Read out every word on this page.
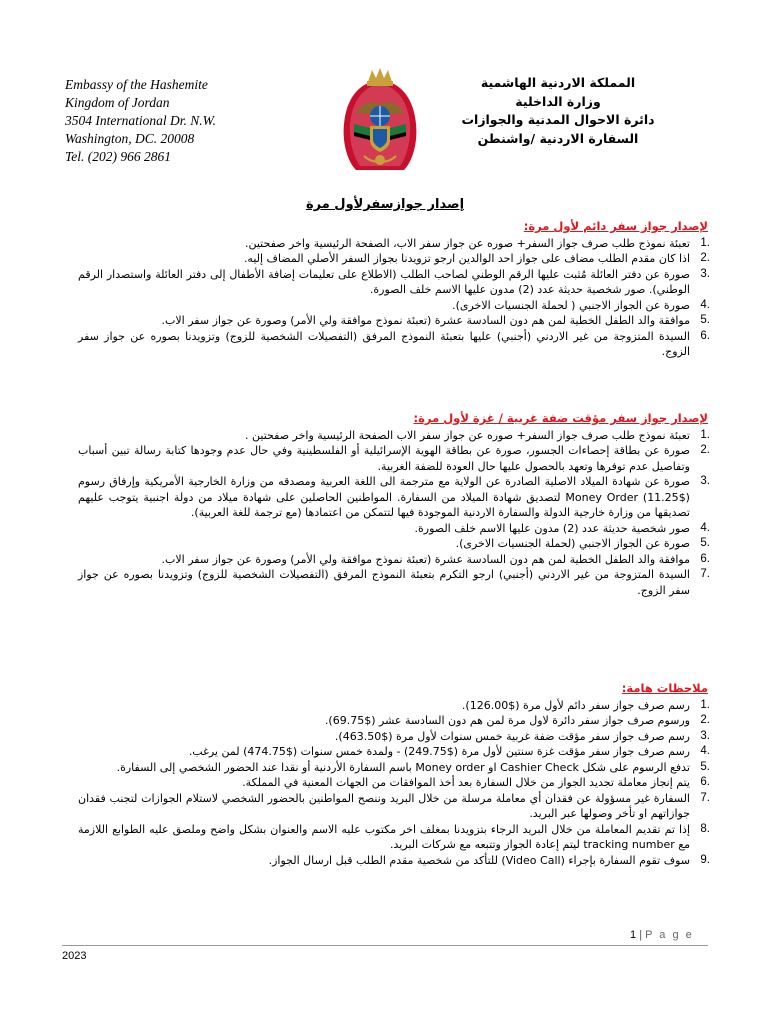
Embassy of the Hashemite
Kingdom of Jordan
3504 International Dr. N.W.
Washington, DC. 20008
Tel. (202) 966 2861
المملكة الاردنية الهاشمية
وزارة الداخلية
دائرة الاحوال المدنية والجوازات
السفارة الاردنية /واشنطن
إصدار جوازسفرلأول مرة
لإصدار جواز سفر دائم لأول مرة:
تعبئة نموذج طلب صرف جواز السفر+ صوره عن جواز سفر الاب، الصفحة الرئيسية واخر صفحتين.
اذا كان مقدم الطلب مضاف على جواز احد الوالدين ارجو تزويدنا بجواز السفر الأصلي المضاف إليه.
صورة عن دفتر العائلة مُثبت عليها الرقم الوطني لصاحب الطلب (الاطلاع على تعليمات إضافة الأطفال إلى دفتر العائلة واستصدار الرقم الوطني). صور شخصية حديثة عدد (2) مدون عليها الاسم خلف الصورة.
صورة عن الجواز الاجنبي ( لحملة الجنسيات الاخرى).
موافقة والد الطفل الخطية لمن هم دون السادسة عشرة (تعبئة نموذج موافقة ولي الأمر) وصورة عن جواز سفر الاب.
السيدة المتزوجة من غير الاردني (أجنبي) عليها بتعبئة النموذج المرفق (التفصيلات الشخصية للزوج) وتزويدنا بصوره عن جواز سفر الزوج.
لإصدار جواز سفر مؤقت ضفة غربية / غزة لأول مرة:
تعبئة نموذج طلب صرف جواز السفر+ صوره عن جواز سفر الاب الصفحة الرئيسية واخر صفحتين .
صورة عن بطاقة إحصاءات الجسور، صورة عن بطاقة الهوية الإسرائيلية أو الفلسطينية وفي حال عدم وجودها كتابة رسالة تبين أسباب وتفاصيل عدم توفرها وتعهد بالحصول عليها حال العودة للضفة الغربية.
صورة عن شهادة الميلاد الاصلية الصادرة عن الولاية مع مترجمة الى اللغة العربية ومصدقه من وزارة الخارجية الأمريكية وإرفاق رسوم ($11.25) Money Order لتصديق شهادة الميلاد من السفارة. المواطنين الحاصلين على شهادة ميلاد من دولة اجنبية يتوجب عليهم تصديقها من وزارة خارجية الدولة والسفارة الاردنية الموجودة فيها لتتمكن من اعتمادها (مع ترجمة للغة العربية).
صور شخصية حديثة عدد (2) مدون عليها الاسم خلف الصورة.
صورة عن الجواز الاجنبي (لحملة الجنسيات الاخرى).
موافقة والد الطفل الخطية لمن هم دون السادسة عشرة (تعبئة نموذج موافقة ولي الأمر) وصورة عن جواز سفر الاب.
السيدة المتزوجة من غير الاردني (أجنبي) ارجو التكرم بتعبئة النموذج المرفق (التفصيلات الشخصية للزوج) وتزويدنا بصوره عن جواز سفر الزوج.
ملاحظات هامة:
رسم صرف جواز سفر دائم لأول مرة ($126.00).
ورسوم صرف جواز سفر دائرة لاول مرة لمن هم دون السادسة عشر ($69.75).
رسم صرف جواز سفر مؤقت ضفة غربية خمس سنوات لأول مرة ($463.50).
رسم صرف جواز سفر مؤقت غزة سنتين لأول مرة ($249.75) - ولمدة خمس سنوات ($474.75) لمن يرغب.
تدفع الرسوم على شكل Cashier Check او Money order باسم السفارة الأردنية أو نقدا عند الحضور الشخصي إلى السفارة.
يتم إنجاز معاملة تجديد الجواز من خلال السفارة بعد أخذ الموافقات من الجهات المعنية في المملكة.
السفارة غير مسؤولة عن فقدان أي معاملة مرسلة من خلال البريد وننصح المواطنين بالحضور الشخصي لاستلام الجوازات لتجنب فقدان جوازاتهم او تأخر وصولها عبر البريد.
إذا تم تقديم المعاملة من خلال البريد الرجاء بتزويدنا بمغلف اخر مكتوب عليه الاسم والعنوان بشكل واضح وملصق عليه الطوابع اللازمة مع tracking number ليتم إعادة الجواز وتتبعه مع شركات البريد.
سوف تقوم السفارة بإجراء (Video Call) للتأكد من شخصية مقدم الطلب قبل ارسال الجواز.
1 | P a g e
2023
